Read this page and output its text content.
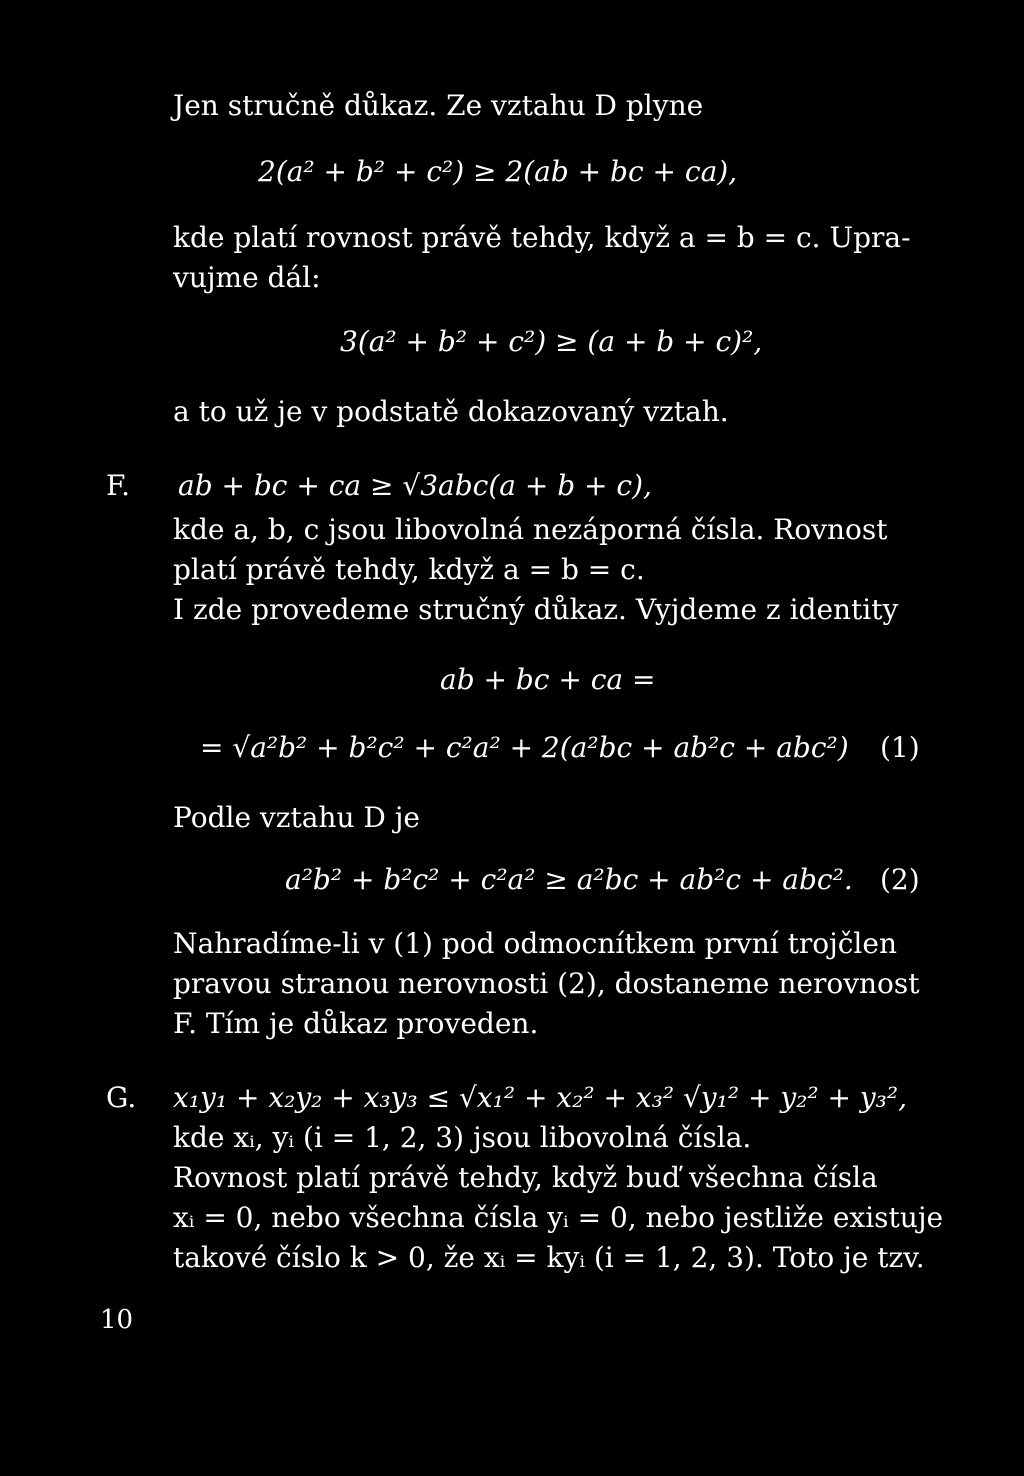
Jen stručně důkaz. Ze vztahu D plyne
2(a² + b² + c²) ≥ 2(ab + bc + ca),
kde platí rovnost právě tehdy, když a = b = c. Upra-
vujme dál:
3(a² + b² + c²) ≥ (a + b + c)²,
a to už je v podstatě dokazovaný vztah.
F. ab + bc + ca ≥ √3abc(a + b + c),
kde a, b, c jsou libovolná nezáporná čísla. Rovnost
platí právě tehdy, když a = b = c.
I zde provedeme stručný důkaz. Vyjdeme z identity
ab + bc + ca =
= √a²b² + b²c² + c²a² + 2(a²bc + ab²c + abc²) (1)
Podle vztahu D je
a²b² + b²c² + c²a² ≥ a²bc + ab²c + abc². (2)
Nahradíme-li v (1) pod odmocnítkem první trojčlen
pravou stranou nerovnosti (2), dostaneme nerovnost
F. Tím je důkaz proveden.
G. x₁y₁ + x₂y₂ + x₃y₃ ≤ √x₁² + x₂² + x₃² √y₁² + y₂² + y₃²,
kde xᵢ, yᵢ (i = 1, 2, 3) jsou libovolná čísla.
Rovnost platí právě tehdy, když buď všechna čísla
xᵢ = 0, nebo všechna čísla yᵢ = 0, nebo jestliže existuje
takové číslo k > 0, že xᵢ = kyᵢ (i = 1, 2, 3). Toto je tzv.
10
